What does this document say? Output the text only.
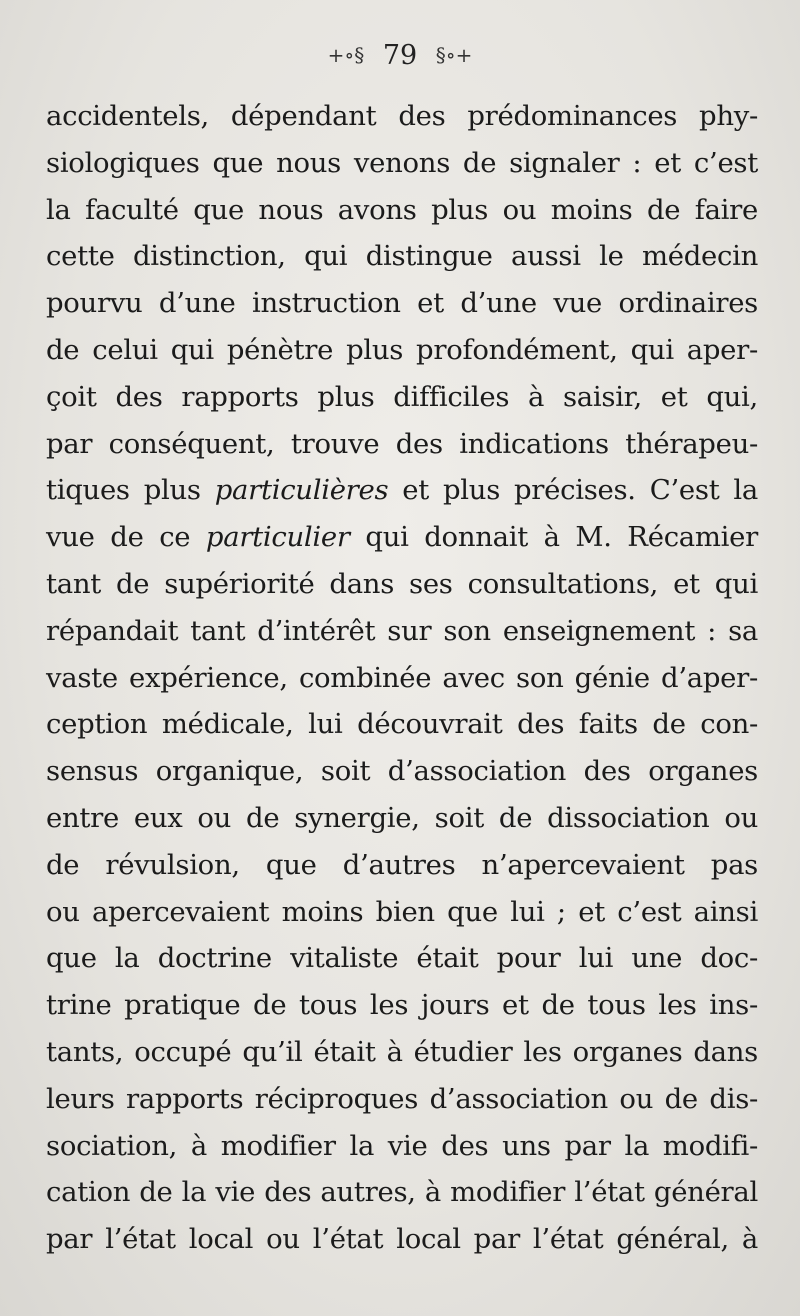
+∘§ 79 §∘+
accidentels, dépendant des prédominances phy-
siologiques que nous venons de signaler : et c’est
la faculté que nous avons plus ou moins de faire
cette distinction, qui distingue aussi le médecin
pourvu d’une instruction et d’une vue ordinaires
de celui qui pénètre plus profondément, qui aper-
çoit des rapports plus difficiles à saisir, et qui,
par conséquent, trouve des indications thérapeu-
tiques plus particulières et plus précises. C’est la
vue de ce particulier qui donnait à M. Récamier
tant de supériorité dans ses consultations, et qui
répandait tant d’intérêt sur son enseignement : sa
vaste expérience, combinée avec son génie d’aper-
ception médicale, lui découvrait des faits de con-
sensus organique, soit d’association des organes
entre eux ou de synergie, soit de dissociation ou
de révulsion, que d’autres n’apercevaient pas
ou apercevaient moins bien que lui ; et c’est ainsi
que la doctrine vitaliste était pour lui une doc-
trine pratique de tous les jours et de tous les ins-
tants, occupé qu’il était à étudier les organes dans
leurs rapports réciproques d’association ou de dis-
sociation, à modifier la vie des uns par la modifi-
cation de la vie des autres, à modifier l’état général
par l’état local ou l’état local par l’état général, à
